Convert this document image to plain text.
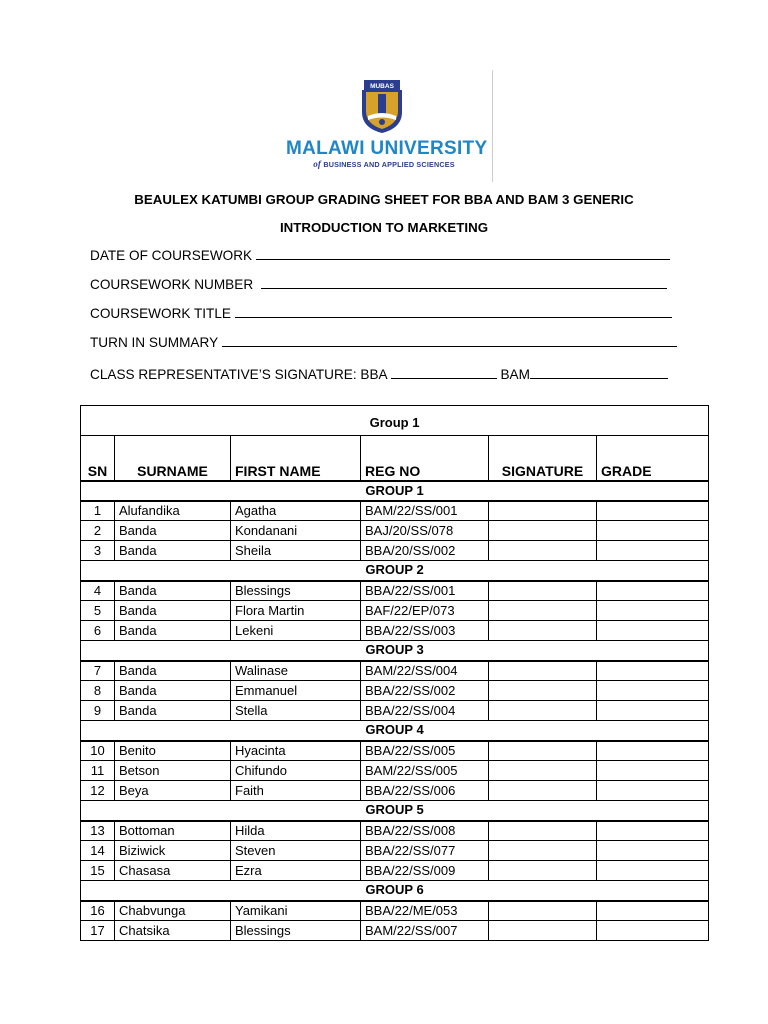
MUBAS
MALAWI UNIVERSITY
of BUSINESS AND APPLIED SCIENCES
BEAULEX KATUMBI GROUP GRADING SHEET FOR BBA AND BAM 3 GENERIC
INTRODUCTION TO MARKETING
DATE OF COURSEWORK
COURSEWORK NUMBER
COURSEWORK TITLE
TURN IN SUMMARY
CLASS REPRESENTATIVE’S SIGNATURE: BBA	BAM
Group 1					
SN	SURNAME	FIRST NAME	REG NO	SIGNATURE	GRADE
GROUP 1					
1	Alufandika	Agatha	BAM/22/SS/001		
2	Banda	Kondanani	BAJ/20/SS/078		
3	Banda	Sheila	BBA/20/SS/002		
GROUP 2					
4	Banda	Blessings	BBA/22/SS/001		
5	Banda	Flora Martin	BAF/22/EP/073		
6	Banda	Lekeni	BBA/22/SS/003		
GROUP 3					
7	Banda	Walinase	BAM/22/SS/004		
8	Banda	Emmanuel	BBA/22/SS/002		
9	Banda	Stella	BBA/22/SS/004		
GROUP 4					
10	Benito	Hyacinta	BBA/22/SS/005		
11	Betson	Chifundo	BAM/22/SS/005		
12	Beya	Faith	BBA/22/SS/006		
GROUP 5					
13	Bottoman	Hilda	BBA/22/SS/008		
14	Biziwick	Steven	BBA/22/SS/077		
15	Chasasa	Ezra	BBA/22/SS/009		
GROUP 6					
16	Chabvunga	Yamikani	BBA/22/ME/053		
17	Chatsika	Blessings	BAM/22/SS/007		
